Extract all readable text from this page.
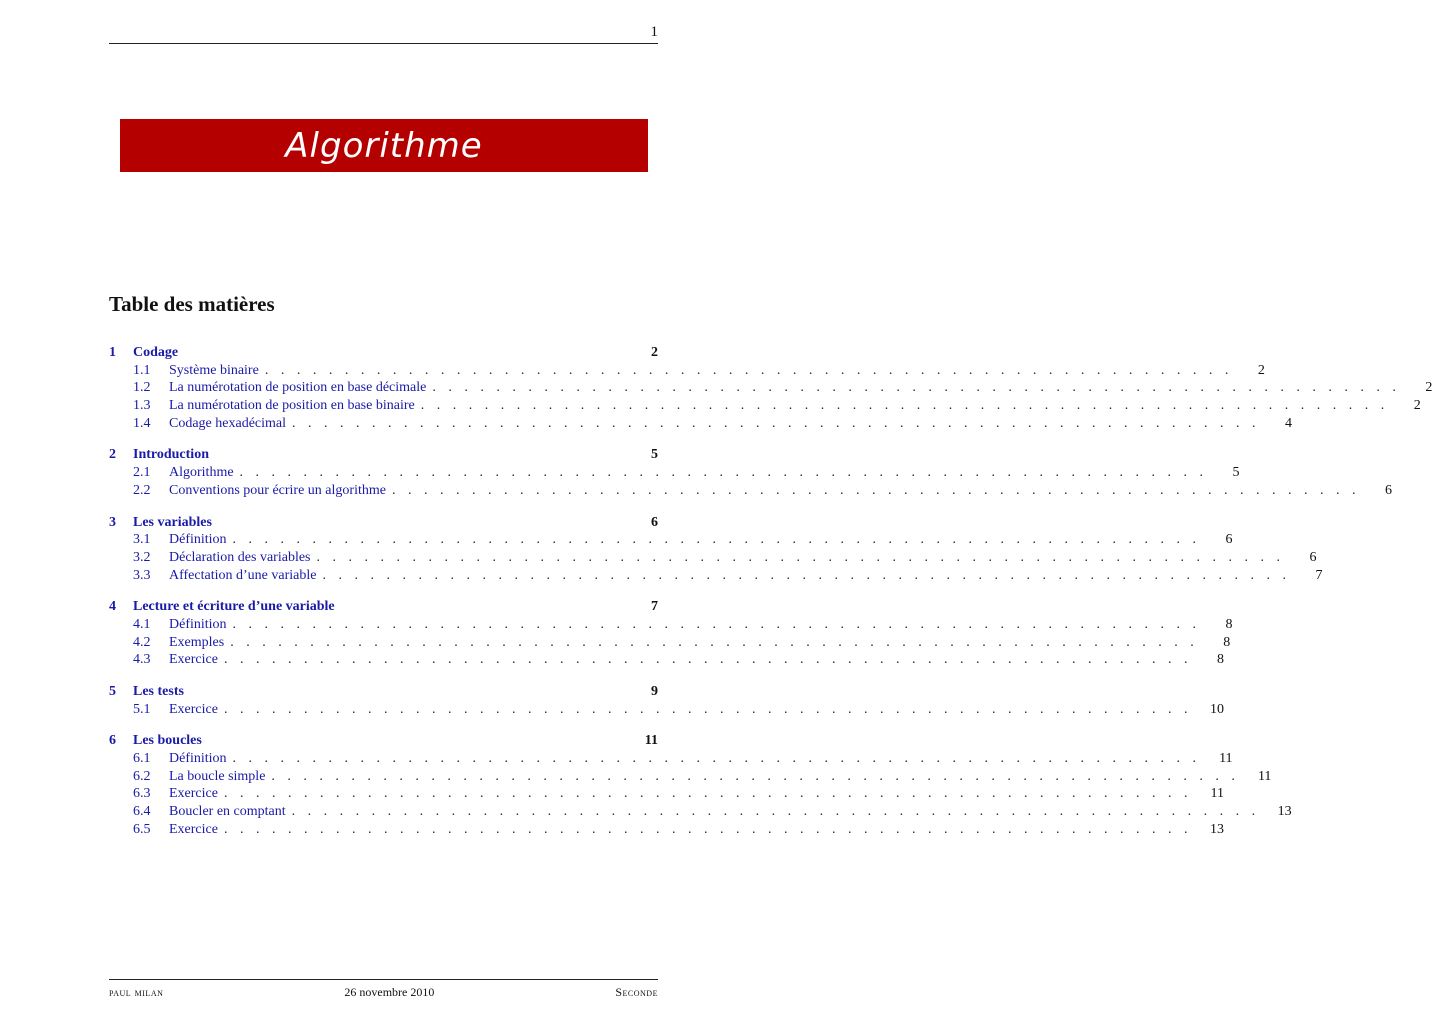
1
Algorithme
Table des matières
1	Codage	2
1.1	Système binaire . . . . . . . . . . . . . . . . . . . . . . . . . . . . . . . . . . . . . . . . . . . . . . . . . . . . . . . . . . . . .	2
1.2	La numérotation de position en base décimale . . . . . . . . . . . . . . . . . . . . . . . . . . . . . . . . . . . . . . . . . . . . . . . . . . . . . . . . . . . . .	2
1.3	La numérotation de position en base binaire . . . . . . . . . . . . . . . . . . . . . . . . . . . . . . . . . . . . . . . . . . . . . . . . . . . . . . . . . . . . .	2
1.4	Codage hexadécimal . . . . . . . . . . . . . . . . . . . . . . . . . . . . . . . . . . . . . . . . . . . . . . . . . . . . . . . . . . . . .	4
2	Introduction	5
2.1	Algorithme . . . . . . . . . . . . . . . . . . . . . . . . . . . . . . . . . . . . . . . . . . . . . . . . . . . . . . . . . . . . .	5
2.2	Conventions pour écrire un algorithme . . . . . . . . . . . . . . . . . . . . . . . . . . . . . . . . . . . . . . . . . . . . . . . . . . . . . . . . . . . . .	6
3	Les variables	6
3.1	Définition . . . . . . . . . . . . . . . . . . . . . . . . . . . . . . . . . . . . . . . . . . . . . . . . . . . . . . . . . . . . .	6
3.2	Déclaration des variables . . . . . . . . . . . . . . . . . . . . . . . . . . . . . . . . . . . . . . . . . . . . . . . . . . . . . . . . . . . . .	6
3.3	Affectation d’une variable . . . . . . . . . . . . . . . . . . . . . . . . . . . . . . . . . . . . . . . . . . . . . . . . . . . . . . . . . . . . .	7
4	Lecture et écriture d’une variable	7
4.1	Définition . . . . . . . . . . . . . . . . . . . . . . . . . . . . . . . . . . . . . . . . . . . . . . . . . . . . . . . . . . . . .	8
4.2	Exemples . . . . . . . . . . . . . . . . . . . . . . . . . . . . . . . . . . . . . . . . . . . . . . . . . . . . . . . . . . . . .	8
4.3	Exercice . . . . . . . . . . . . . . . . . . . . . . . . . . . . . . . . . . . . . . . . . . . . . . . . . . . . . . . . . . . . .	8
5	Les tests	9
5.1	Exercice . . . . . . . . . . . . . . . . . . . . . . . . . . . . . . . . . . . . . . . . . . . . . . . . . . . . . . . . . . . . .	10
6	Les boucles	11
6.1	Définition . . . . . . . . . . . . . . . . . . . . . . . . . . . . . . . . . . . . . . . . . . . . . . . . . . . . . . . . . . . . .	11
6.2	La boucle simple . . . . . . . . . . . . . . . . . . . . . . . . . . . . . . . . . . . . . . . . . . . . . . . . . . . . . . . . . . . . .	11
6.3	Exercice . . . . . . . . . . . . . . . . . . . . . . . . . . . . . . . . . . . . . . . . . . . . . . . . . . . . . . . . . . . . .	11
6.4	Boucler en comptant . . . . . . . . . . . . . . . . . . . . . . . . . . . . . . . . . . . . . . . . . . . . . . . . . . . . . . . . . . . . .	13
6.5	Exercice . . . . . . . . . . . . . . . . . . . . . . . . . . . . . . . . . . . . . . . . . . . . . . . . . . . . . . . . . . . . .	13
paul milan	26 novembre 2010	Seconde
